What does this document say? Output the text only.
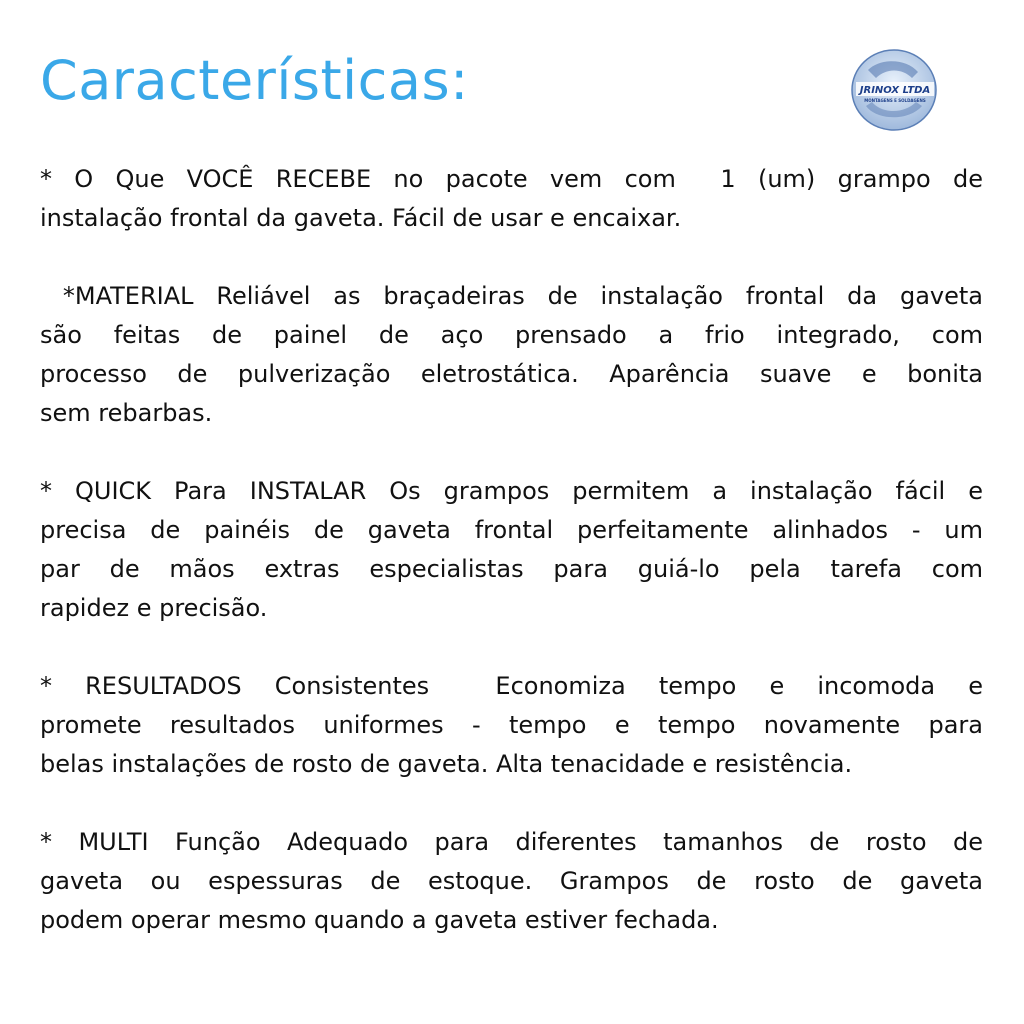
Características:	JRINOX LTDA
MONTAGENS E SOLDAGENS

* O Que VOCÊ RECEBE no pacote vem com  1 (um) grampo de
instalação frontal da gaveta. Fácil de usar e encaixar.

*MATERIAL Reliável as braçadeiras de instalação frontal da gaveta
são feitas de painel de aço prensado a frio integrado, com
processo de pulverização eletrostática. Aparência suave e bonita
sem rebarbas.

* QUICK Para INSTALAR Os grampos permitem a instalação fácil e
precisa de painéis de gaveta frontal perfeitamente alinhados - um
par de mãos extras especialistas para guiá-lo pela tarefa com
rapidez e precisão.

* RESULTADOS Consistentes  Economiza tempo e incomoda e
promete resultados uniformes - tempo e tempo novamente para
belas instalações de rosto de gaveta. Alta tenacidade e resistência.

* MULTI Função Adequado para diferentes tamanhos de rosto de
gaveta ou espessuras de estoque. Grampos de rosto de gaveta
podem operar mesmo quando a gaveta estiver fechada.
